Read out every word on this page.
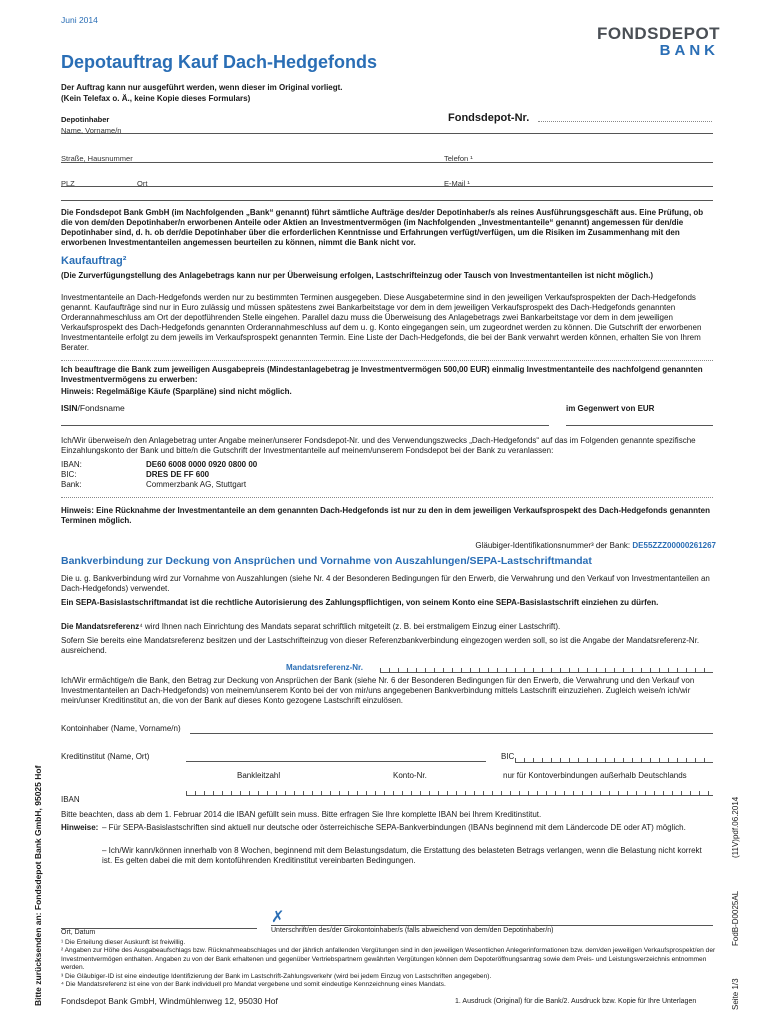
Juni 2014
FONDSDEPOT
BANK
Depotauftrag Kauf Dach-Hedgefonds
Der Auftrag kann nur ausgeführt werden, wenn dieser im Original vorliegt.
(Kein Telefax o. Ä., keine Kopie dieses Formulars)
Depotinhaber	Fondsdepot-Nr.
Name, Vorname/n
Straße, Hausnummer	Telefon ¹
PLZ	Ort	E-Mail ¹
Die Fondsdepot Bank GmbH (im Nachfolgenden „Bank“ genannt) führt sämtliche Aufträge des/der Depotinhaber/s als reines Ausführungsgeschäft aus. Eine Prüfung, ob die von dem/den Depotinhaber/n erworbenen Anteile oder Aktien an Investmentvermögen (im Nachfolgenden „Investmentanteile“ genannt) angemessen für den/die Depotinhaber sind, d. h. ob der/die Depotinhaber über die erforderlichen Kenntnisse und Erfahrungen verfügt/verfügen, um die Risiken im Zusammenhang mit den erworbenen Investmentanteilen angemessen beurteilen zu können, nimmt die Bank nicht vor.
Kaufauftrag²
(Die Zurverfügungstellung des Anlagebetrags kann nur per Überweisung erfolgen, Lastschrifteinzug oder Tausch von Investmentanteilen ist nicht möglich.)
Investmentanteile an Dach-Hedgefonds werden nur zu bestimmten Terminen ausgegeben. Diese Ausgabetermine sind in den jeweiligen Verkaufsprospekten der Dach-Hedgefonds genannt. Kaufaufträge sind nur in Euro zulässig und müssen spätestens zwei Bankarbeitstage vor dem in dem jeweiligen Verkaufsprospekt des Dach-Hedgefonds genannten Orderannahmeschluss am Ort der depotführenden Stelle eingehen. Parallel dazu muss die Überweisung des Anlagebetrags zwei Bankarbeitstage vor dem in dem jeweiligen Verkaufsprospekt des Dach-Hedgefonds genannten Orderannahmeschluss auf dem u. g. Konto eingegangen sein, um zugeordnet werden zu können. Die Gutschrift der erworbenen Investmentanteile erfolgt zu dem jeweils im Verkaufsprospekt genannten Termin. Eine Liste der Dach-Hedgefonds, die bei der Bank verwahrt werden können, erhalten Sie von Ihrem Berater.
Ich beauftrage die Bank zum jeweiligen Ausgabepreis (Mindestanlagebetrag je Investmentvermögen 500,00 EUR) einmalig Investmentanteile des nachfolgend genannten Investmentvermögens zu erwerben:
Hinweis: Regelmäßige Käufe (Sparpläne) sind nicht möglich.
ISIN/Fondsname	im Gegenwert von EUR
Ich/Wir überweise/n den Anlagebetrag unter Angabe meiner/unserer Fondsdepot-Nr. und des Verwendungszwecks „Dach-Hedgefonds“ auf das im Folgenden genannte spezifische Einzahlungskonto der Bank und bitte/n die Gutschrift der Investmentanteile auf meinem/unserem Fondsdepot bei der Bank zu veranlassen:
IBAN:	DE60 6008 0000 0920 0800 00
BIC:	DRES DE FF 600
Bank:	Commerzbank AG, Stuttgart
Hinweis: Eine Rücknahme der Investmentanteile an dem genannten Dach-Hedgefonds ist nur zu den in dem jeweiligen Verkaufsprospekt des Dach-Hedgefonds genannten Terminen möglich.
Gläubiger-Identifikationsnummer³ der Bank: DE55ZZZ00000261267
Bankverbindung zur Deckung von Ansprüchen und Vornahme von Auszahlungen/SEPA-Lastschriftmandat
Die u. g. Bankverbindung wird zur Vornahme von Auszahlungen (siehe Nr. 4 der Besonderen Bedingungen für den Erwerb, die Verwahrung und den Verkauf von Investmentanteilen an Dach-Hedgefonds) verwendet.
Ein SEPA-Basislastschriftmandat ist die rechtliche Autorisierung des Zahlungspflichtigen, von seinem Konto eine SEPA-Basislastschrift einziehen zu dürfen.
Die Mandatsreferenz⁴ wird Ihnen nach Einrichtung des Mandats separat schriftlich mitgeteilt (z. B. bei erstmaligem Einzug einer Lastschrift).
Sofern Sie bereits eine Mandatsreferenz besitzen und der Lastschrifteinzug von dieser Referenzbankverbindung eingezogen werden soll, so ist die Angabe der Mandatsreferenz-Nr. ausreichend.
Mandatsreferenz-Nr.
Ich/Wir ermächtige/n die Bank, den Betrag zur Deckung von Ansprüchen der Bank (siehe Nr. 6 der Besonderen Bedingungen für den Erwerb, die Verwahrung und den Verkauf von Investmentanteilen an Dach-Hedgefonds) von meinem/unserem Konto bei der von mir/uns angegebenen Bankverbindung mittels Lastschrift einzuziehen. Zugleich weise/n ich/wir mein/unser Kreditinstitut an, die von der Bank auf dieses Konto gezogene Lastschrift einzulösen.
Kontoinhaber (Name, Vorname/n)
Kreditinstitut (Name, Ort)	BIC
Bankleitzahl	Konto-Nr.	nur für Kontoverbindungen außerhalb Deutschlands
IBAN
Bitte beachten, dass ab dem 1. Februar 2014 die IBAN gefüllt sein muss. Bitte erfragen Sie Ihre komplette IBAN bei Ihrem Kreditinstitut.
Hinweise: – Für SEPA-Basislastschriften sind aktuell nur deutsche oder österreichische SEPA-Bankverbindungen (IBANs beginnend mit dem Ländercode DE oder AT) möglich.
– Ich/Wir kann/können innerhalb von 8 Wochen, beginnend mit dem Belastungsdatum, die Erstattung des belasteten Betrags verlangen, wenn die Belastung nicht korrekt ist. Es gelten dabei die mit dem kontoführenden Kreditinstitut vereinbarten Bedingungen.
✗
Ort, Datum	Unterschrift/en des/der Girokontoinhaber/s (falls abweichend von dem/den Depotinhaber/n)
¹ Die Erteilung dieser Auskunft ist freiwillig.
² Angaben zur Höhe des Ausgabeaufschlags bzw. Rücknahmeabschlages und der jährlich anfallenden Vergütungen sind in den jeweiligen Wesentlichen Anlegerinformationen bzw. dem/den jeweiligen Verkaufsprospekt/en der Investmentvermögen enthalten. Angaben zu von der Bank erhaltenen und gegenüber Vertriebspartnern gewährten Vergütungen können dem Depoteröffnungsantrag sowie dem Preis- und Leistungsverzeichnis entnommen werden.
³ Die Gläubiger-ID ist eine eindeutige Identifizierung der Bank im Lastschrift-Zahlungsverkehr (wird bei jedem Einzug von Lastschriften angegeben).
⁴ Die Mandatsreferenz ist eine von der Bank individuell pro Mandat vergebene und somit eindeutige Kennzeichnung eines Mandats.
Fondsdepot Bank GmbH, Windmühlenweg 12, 95030 Hof	1. Ausdruck (Original) für die Bank/2. Ausdruck bzw. Kopie für Ihre Unterlagen
Bitte zurücksenden an: Fondsdepot Bank GmbH, 95025 Hof	(11V)pdf.06.2014
FodB-D0025AL
Seite 1/3
